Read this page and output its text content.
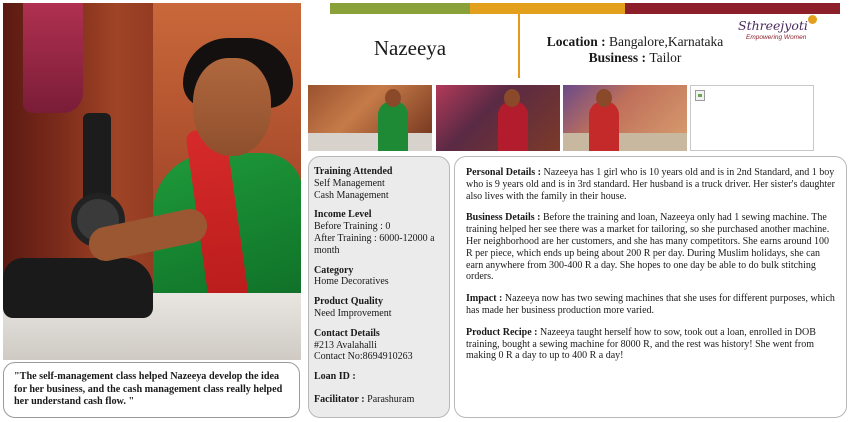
"The self-management class helped Nazeeya develop the idea for her business, and the cash management class really helped her understand cash flow. "
Nazeeya	Location : Bangalore,Karnataka
Business : Tailor
Sthreejyoti
Empowering Women
Training Attended
Self Management
Cash Management
Income Level
Before Training : 0
After Training : 6000-12000 a month
Category
Home Decoratives
Product Quality
Need Improvement
Contact Details
#213 Avalahalli
Contact No:8694910263
Loan ID :
Facilitator : Parashuram

Personal Details : Nazeeya has 1 girl who is 10 years old and is in 2nd Standard, and 1 boy who is 9 years old and is in 3rd standard. Her husband is a truck driver. Her sister's daughter also lives with the family in their house.

Business Details : Before the training and loan, Nazeeya only had 1 sewing machine. The training helped her see there was a market for tailoring, so she purchased another machine. Her neighborhood are her customers, and she has many competitors. She earns around 100 R per piece, which ends up being about 200 R per day. During Muslim holidays, she can earn anywhere from 300-400 R a day. She hopes to one day be able to do bulk stitching orders.

Impact : Nazeeya now has two sewing machines that she uses for different purposes, which has made her business production more varied.

Product Recipe : Nazeeya taught herself how to sow, took out a loan, enrolled in DOB training, bought a sewing machine for 8000 R, and the rest was history! She went from making 0 R a day to up to 400 R a day!
